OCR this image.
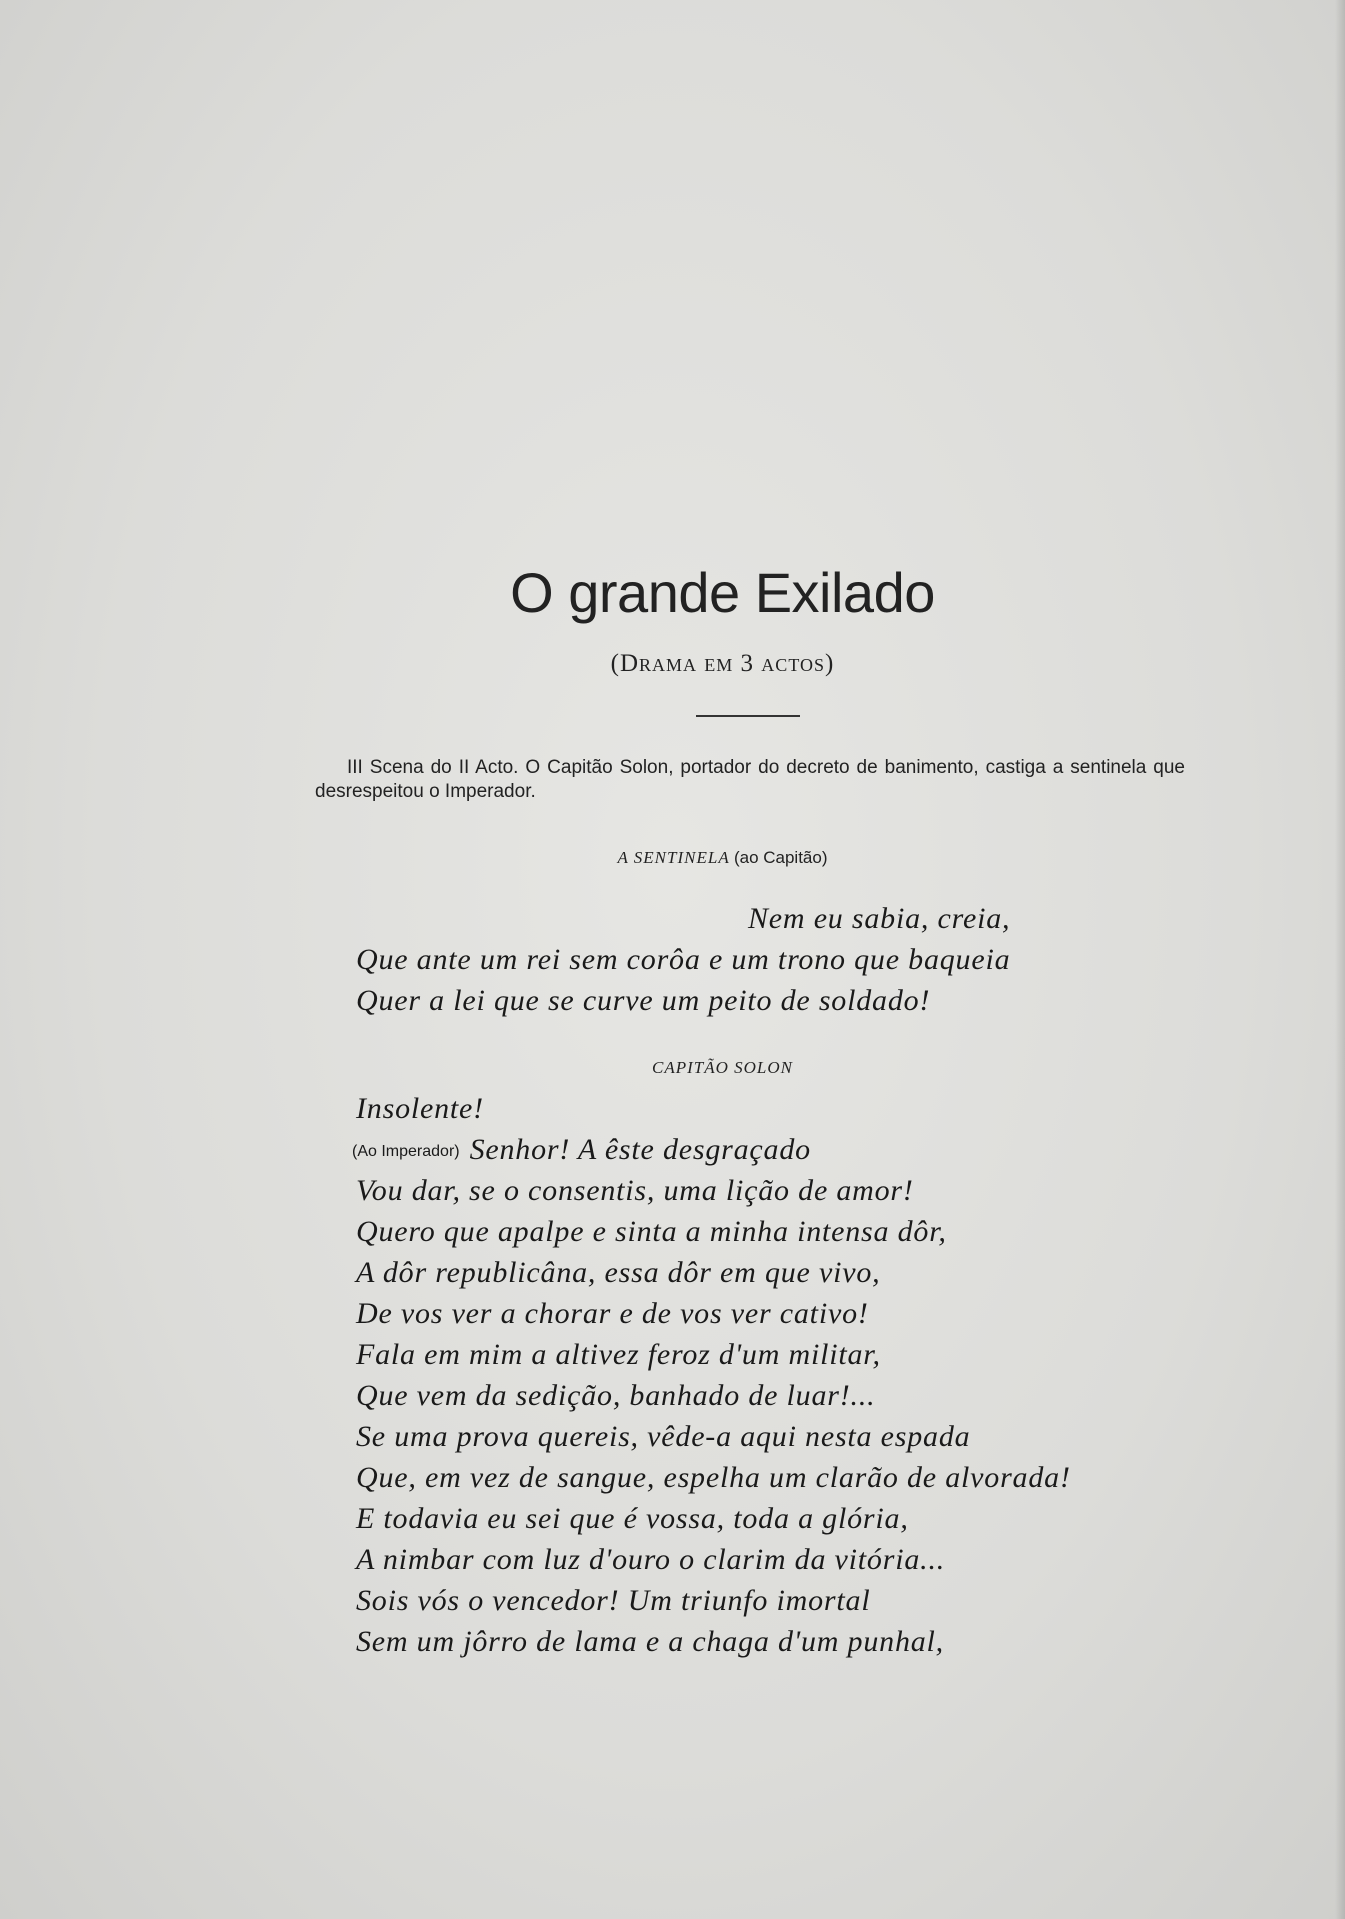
O grande Exilado
(Drama em 3 actos)
III Scena do II Acto. O Capitão Solon, portador do decreto de banimento, castiga a sentinela que desrespeitou o Imperador.
A SENTINELA (ao Capitão)
Nem eu sabia, creia,
Que ante um rei sem corôa e um trono que baqueia
Quer a lei que se curve um peito de soldado!
CAPITÃO SOLON
Insolente!
(Ao Imperador) Senhor! A êste desgraçado
Vou dar, se o consentis, uma lição de amor!
Quero que apalpe e sinta a minha intensa dôr,
A dôr republicâna, essa dôr em que vivo,
De vos ver a chorar e de vos ver cativo!
Fala em mim a altivez feroz d'um militar,
Que vem da sedição, banhado de luar!...
Se uma prova quereis, vêde-a aqui nesta espada
Que, em vez de sangue, espelha um clarão de alvorada!
E todavia eu sei que é vossa, toda a glória,
A nimbar com luz d'ouro o clarim da vitória...
Sois vós o vencedor! Um triunfo imortal
Sem um jôrro de lama e a chaga d'um punhal,
